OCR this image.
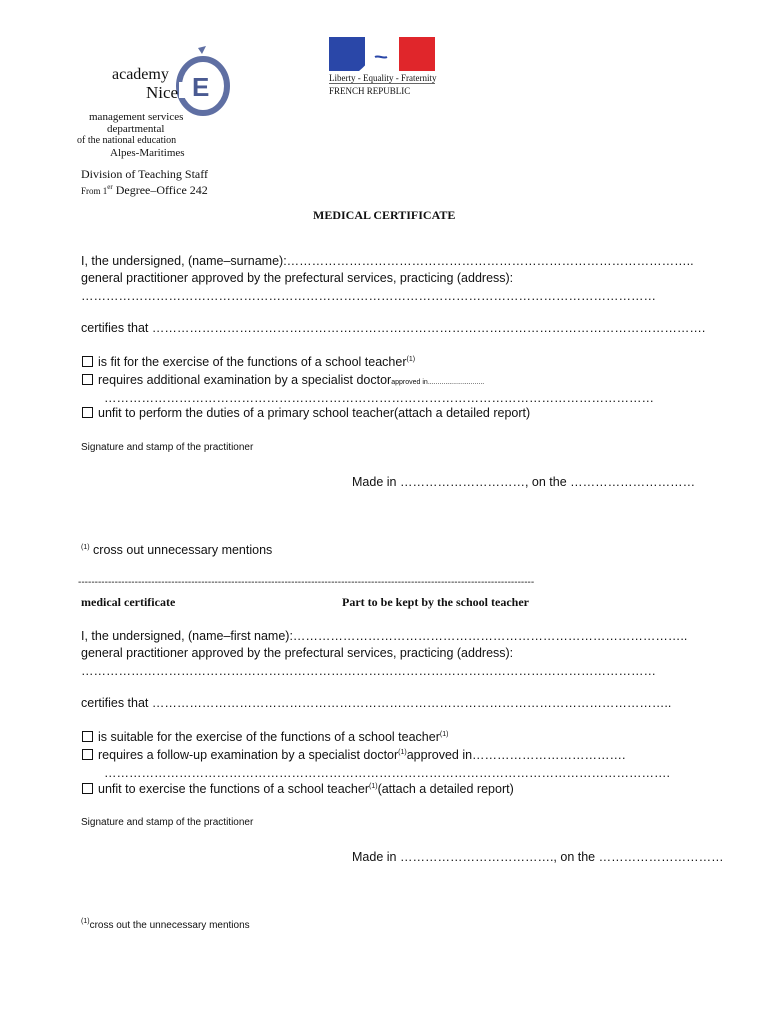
E
academy
Nice
management services
departmental
of the national education
Alpes-Maritimes
Division of Teaching Staff
From 1er Degree–Office 242
Liberty - Equality - Fraternity
FRENCH REPUBLIC
MEDICAL CERTIFICATE
I, the undersigned, (name–surname):……………………………………………………………………………………..
general practitioner approved by the prefectural services, practicing (address):
…………………………………………………………………………………………………………………………
certifies that …………………………………………………………………………………………………………………….
is fit for the exercise of the functions of a school teacher$^{(1)}$
requires additional examination by a specialist doctorapproved in.............................
……………………………………………………………………………………………………………………
unfit to perform the duties of a primary school teacher(attach a detailed report)
Signature and stamp of the practitioner
Made in …………………………, on the …………………………
$^{(1)}$ cross out unnecessary mentions
-----------------------------------------------------------------------------------------------------------------------------------------
medical certificate	Part to be kept by the school teacher
I, the undersigned, (name–first name):…………………………………………………………………………………..
general practitioner approved by the prefectural services, practicing (address):
…………………………………………………………………………………………………………………………
certifies that ……………………………………………………………………………………………………………..
is suitable for the exercise of the functions of a school teacher$^{(1)}$
requires a follow-up examination by a specialist doctor$^{(1)}$approved in……………………………….
……………………………………………………………………………………………………………………….
unfit to exercise the functions of a school teacher$^{(1)}$(attach a detailed report)
Signature and stamp of the practitioner
Made in ………………………………., on the …………………………
$^{(1)}$cross out the unnecessary mentions
